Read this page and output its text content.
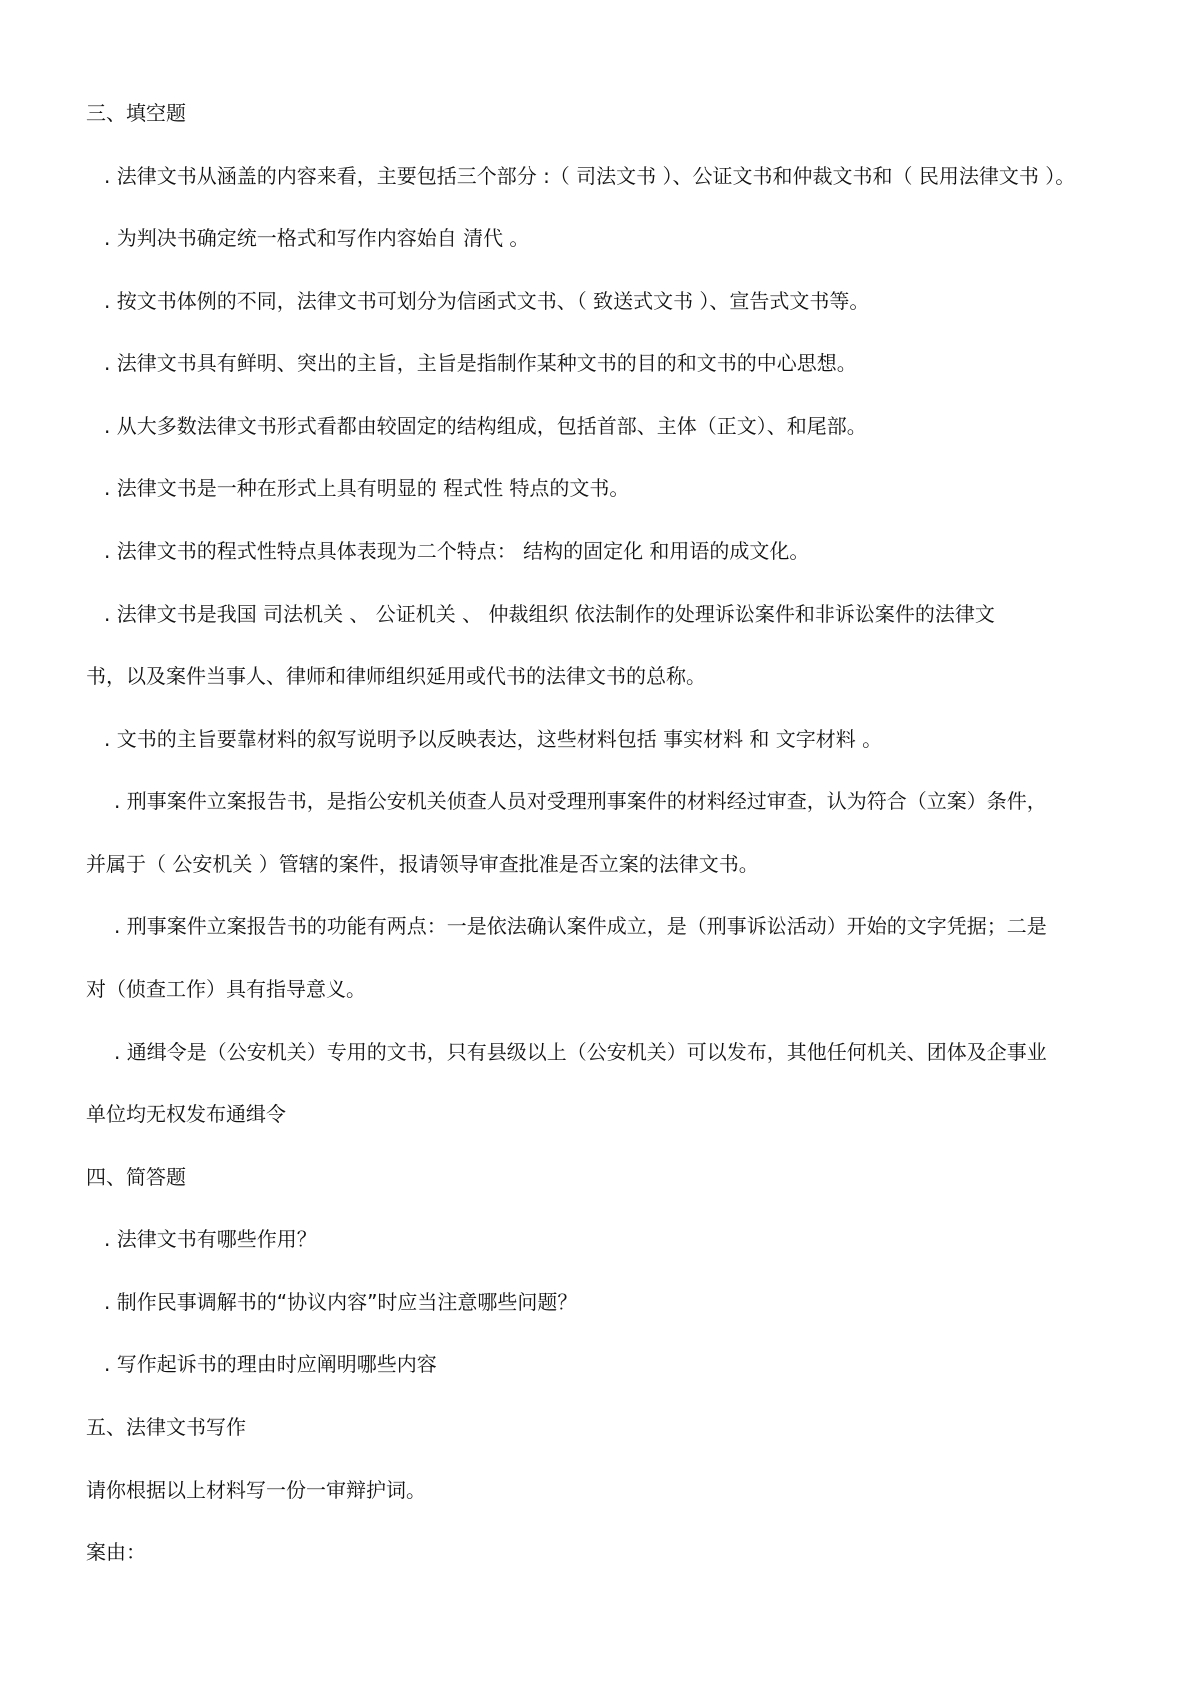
三、填空题
. 法律文书从涵盖的内容来看，主要包括三个部分 :（ 司法文书 ）、公证文书和仲裁文书和（ 民用法律文书 ）。
. 为判决书确定统一格式和写作内容始自 清代 。
. 按文书体例的不同，法律文书可划分为信函式文书、（ 致送式文书 ）、宣告式文书等。
. 法律文书具有鲜明、突出的主旨，主旨是指制作某种文书的目的和文书的中心思想。
. 从大多数法律文书形式看都由较固定的结构组成，包括首部、主体（正文）、和尾部。
. 法律文书是一种在形式上具有明显的 程式性 特点的文书。
. 法律文书的程式性特点具体表现为二个特点： 结构的固定化 和用语的成文化。
. 法律文书是我国 司法机关 、 公证机关 、 仲裁组织 依法制作的处理诉讼案件和非诉讼案件的法律文
书，以及案件当事人、律师和律师组织延用或代书的法律文书的总称。
. 文书的主旨要靠材料的叙写说明予以反映表达，这些材料包括 事实材料 和 文字材料 。
. 刑事案件立案报告书，是指公安机关侦查人员对受理刑事案件的材料经过审查，认为符合（立案）条件，
并属于（ 公安机关 ）管辖的案件，报请领导审查批准是否立案的法律文书。
. 刑事案件立案报告书的功能有两点：一是依法确认案件成立，是（刑事诉讼活动）开始的文字凭据；二是
对（侦查工作）具有指导意义。
. 通缉令是（公安机关）专用的文书，只有县级以上（公安机关）可以发布，其他任何机关、团体及企事业
单位均无权发布通缉令
四、简答题
. 法律文书有哪些作用？
. 制作民事调解书的“协议内容”时应当注意哪些问题？
. 写作起诉书的理由时应阐明哪些内容
五、法律文书写作
请你根据以上材料写一份一审辩护词。
案由：
